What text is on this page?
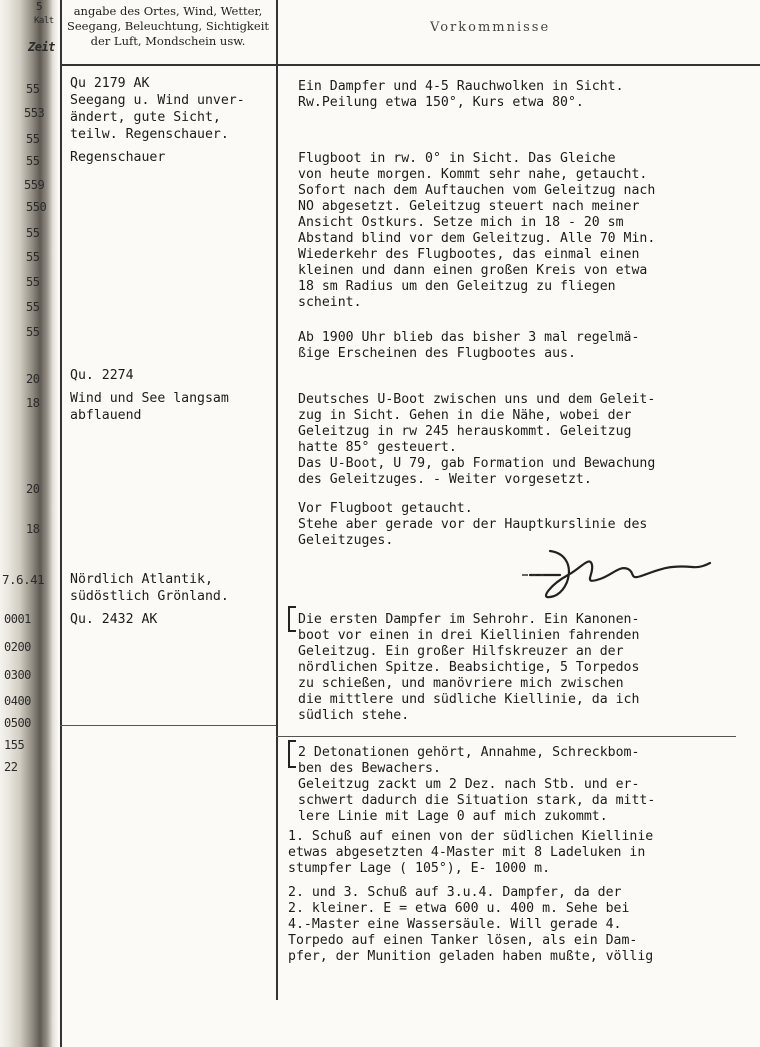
5
Kalt
Zeit
55
553
55
55
559
550
55
55
55
55
55
20
18
20
18
7.6.41
0001
0200
0300
0400
0500
155
22
angabe des Ortes, Wind, Wetter,
Seegang, Beleuchtung, Sichtigkeit
der Luft, Mondschein usw.
Vorkommnisse
Qu 2179 AK
Seegang u. Wind unver-
ändert, gute Sicht,
teilw. Regenschauer.
Regenschauer
Qu. 2274
Wind und See langsam
abflauend
Nördlich Atlantik,
südöstlich Grönland.
Qu. 2432 AK
Ein Dampfer und 4-5 Rauchwolken in Sicht.
Rw.Peilung etwa 150°, Kurs etwa 80°.
Flugboot in rw. 0° in Sicht. Das Gleiche
von heute morgen. Kommt sehr nahe, getaucht.
Sofort nach dem Auftauchen vom Geleitzug nach
NO abgesetzt. Geleitzug steuert nach meiner
Ansicht Ostkurs. Setze mich in 18 - 20 sm
Abstand blind vor dem Geleitzug. Alle 70 Min.
Wiederkehr des Flugbootes, das einmal einen
kleinen und dann einen großen Kreis von etwa
18 sm Radius um den Geleitzug zu fliegen
scheint.
Ab 1900 Uhr blieb das bisher 3 mal regelmä-
ßige Erscheinen des Flugbootes aus.
Deutsches U-Boot zwischen uns und dem Geleit-
zug in Sicht. Gehen in die Nähe, wobei der
Geleitzug in rw 245 herauskommt. Geleitzug
hatte 85° gesteuert.
Das U-Boot, U 79, gab Formation und Bewachung
des Geleitzuges. - Weiter vorgesetzt.
Vor Flugboot getaucht.
Stehe aber gerade vor der Hauptkurslinie des
Geleitzuges.
Die ersten Dampfer im Sehrohr. Ein Kanonen-
boot vor einen in drei Kiellinien fahrenden
Geleitzug. Ein großer Hilfskreuzer an der
nördlichen Spitze. Beabsichtige, 5 Torpedos
zu schießen, und manövriere mich zwischen
die mittlere und südliche Kiellinie, da ich
südlich stehe.
2 Detonationen gehört, Annahme, Schreckbom-
ben des Bewachers.
Geleitzug zackt um 2 Dez. nach Stb. und er-
schwert dadurch die Situation stark, da mitt-
lere Linie mit Lage 0 auf mich zukommt.
1. Schuß auf einen von der südlichen Kiellinie
etwas abgesetzten 4-Master mit 8 Ladeluken in
stumpfer Lage ( 105°), E- 1000 m.
2. und 3. Schuß auf 3.u.4. Dampfer, da der
2. kleiner. E = etwa 600 u. 400 m. Sehe bei
4.-Master eine Wassersäule. Will gerade 4.
Torpedo auf einen Tanker lösen, als ein Dam-
pfer, der Munition geladen haben mußte, völlig
